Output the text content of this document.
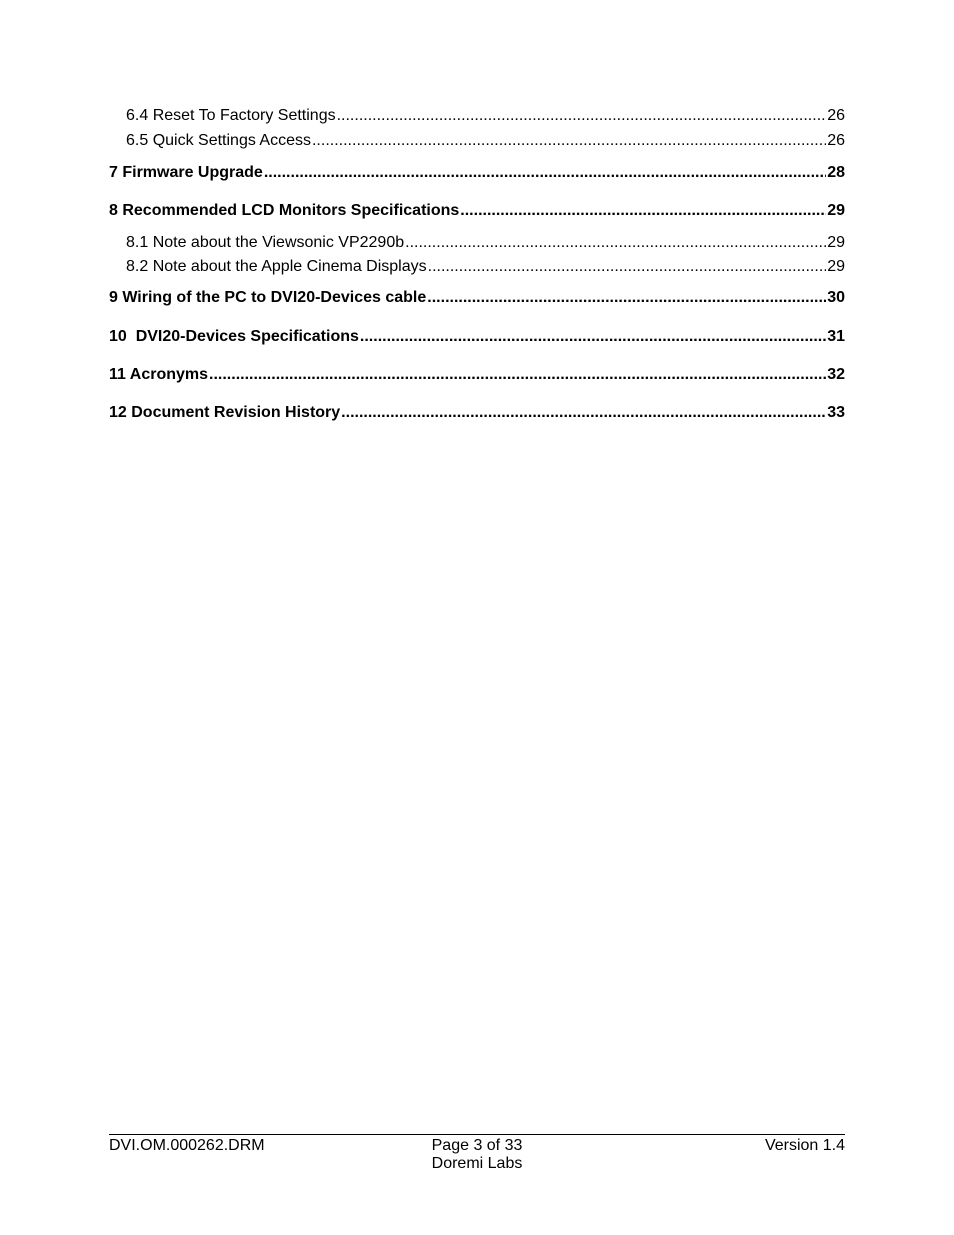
6.4 Reset To Factory Settings .....	26
6.5 Quick Settings Access .....	26
7 Firmware Upgrade .....	28
8 Recommended LCD Monitors Specifications .....	29
8.1 Note about the Viewsonic VP2290b .....	29
8.2 Note about the Apple Cinema Displays .....	29
9 Wiring of the PC to DVI20-Devices cable .....	30
10  DVI20-Devices Specifications .....	31
11 Acronyms .....	32
12 Document Revision History .....	33
DVI.OM.000262.DRM	Page 3 of 33
Doremi Labs
Version 1.4
